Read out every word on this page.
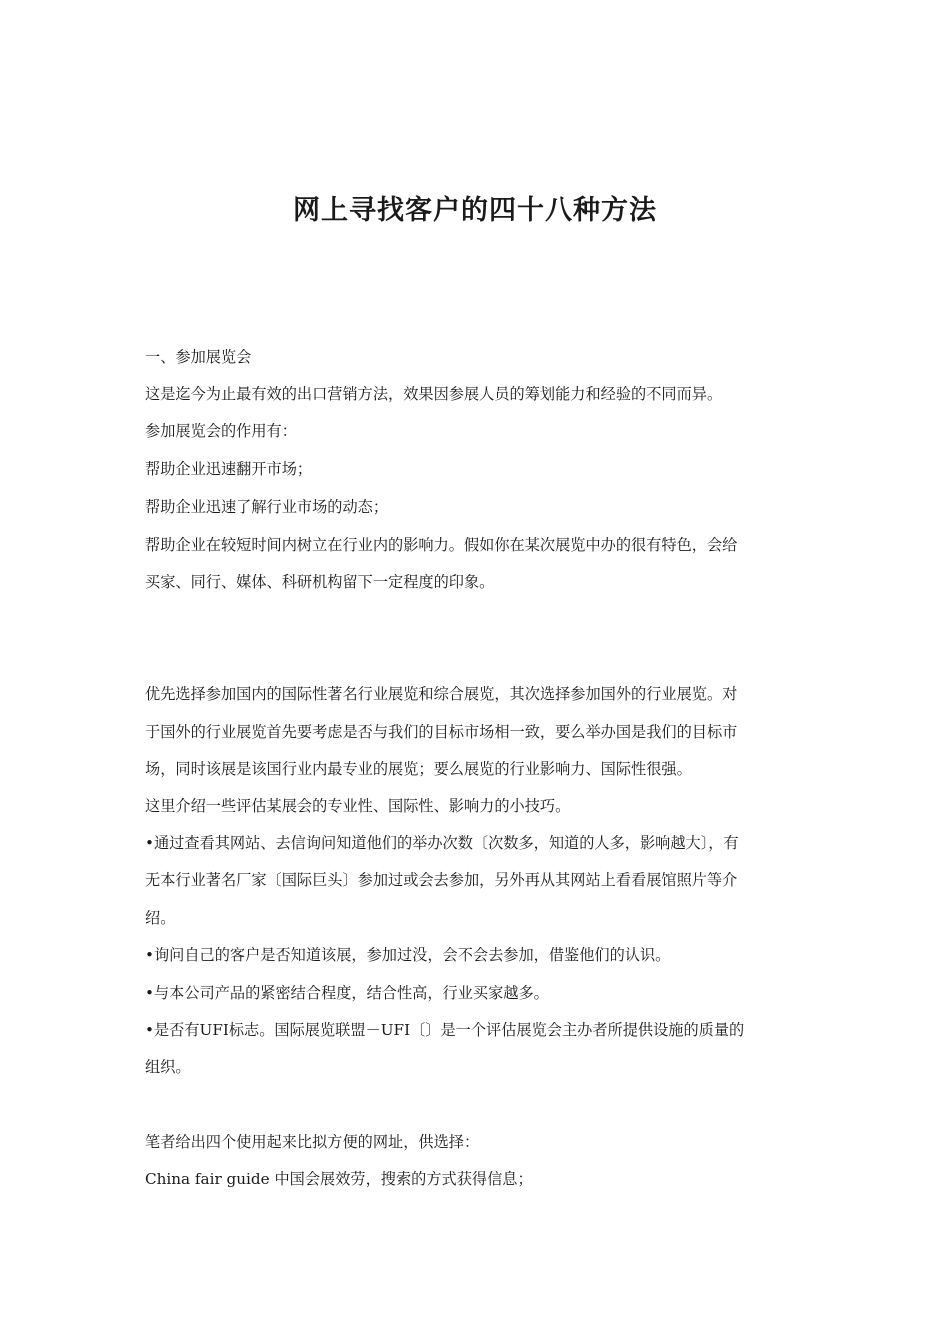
网上寻找客户的四十八种方法

一、参加展览会

这是迄今为止最有效的出口营销方法，效果因参展人员的筹划能力和经验的不同而异。

参加展览会的作用有：

帮助企业迅速翻开市场；

帮助企业迅速了解行业市场的动态；

帮助企业在较短时间内树立在行业内的影响力。假如你在某次展览中办的很有特色，会给

买家、同行、媒体、科研机构留下一定程度的印象。

优先选择参加国内的国际性著名行业展览和综合展览，其次选择参加国外的行业展览。对

于国外的行业展览首先要考虑是否与我们的目标市场相一致，要么举办国是我们的目标市

场，同时该展是该国行业内最专业的展览；要么展览的行业影响力、国际性很强。

这里介绍一些评估某展会的专业性、国际性、影响力的小技巧。

•通过查看其网站、去信询问知道他们的举办次数〔次数多，知道的人多，影响越大〕，有

无本行业著名厂家〔国际巨头〕参加过或会去参加，另外再从其网站上看看展馆照片等介

绍。

•询问自己的客户是否知道该展，参加过没，会不会去参加，借鉴他们的认识。

•与本公司产品的紧密结合程度，结合性高，行业买家越多。

•是否有UFI标志。国际展览联盟－UFI〔〕是一个评估展览会主办者所提供设施的质量的

组织。

笔者给出四个使用起来比拟方便的网址，供选择：

China fair guide 中国会展效劳，搜索的方式获得信息；
